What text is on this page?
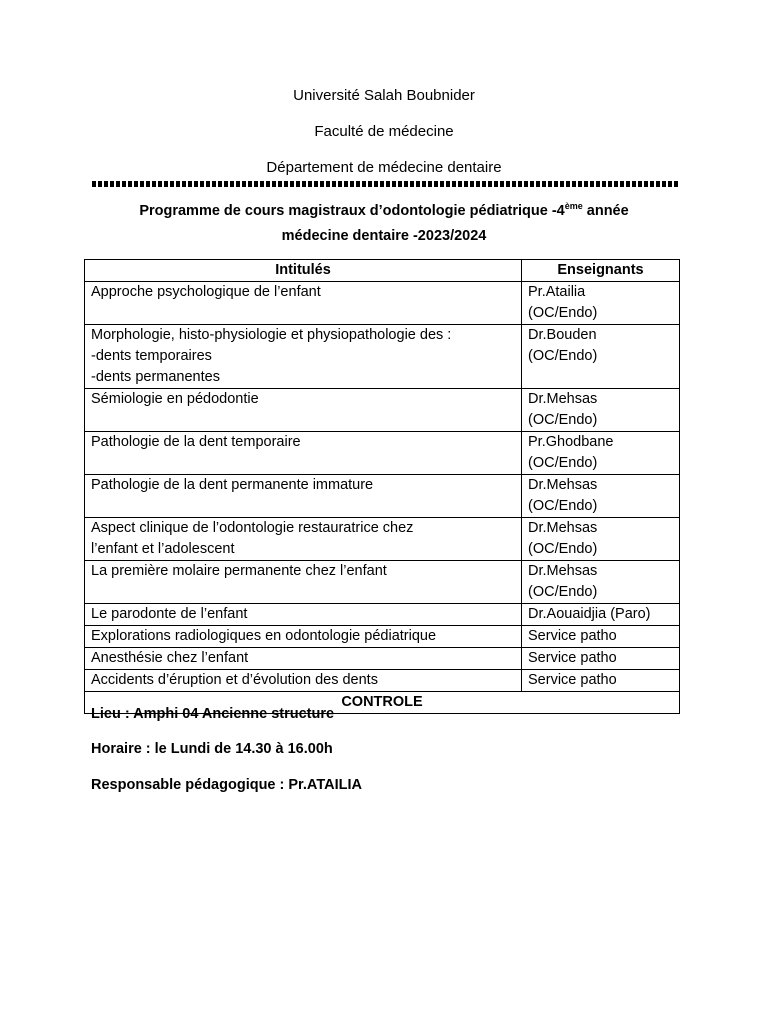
Université Salah Boubnider
Faculté de médecine
Département de médecine dentaire
Programme de cours magistraux d’odontologie pédiatrique -4ème année
médecine dentaire -2023/2024
Intitulés	Enseignants

Approche psychologique de l’enfant	Pr.Atailia
(OC/Endo)

Morphologie, histo-physiologie et physiopathologie des :
-dents temporaires
-dents permanentes	Dr.Bouden
(OC/Endo)

Sémiologie en pédodontie	Dr.Mehsas
(OC/Endo)

Pathologie de la dent temporaire	Pr.Ghodbane
(OC/Endo)

Pathologie de la dent permanente immature	Dr.Mehsas
(OC/Endo)

Aspect clinique de l’odontologie restauratrice chez
l’enfant et l’adolescent	Dr.Mehsas
(OC/Endo)

La première molaire permanente chez l’enfant	Dr.Mehsas
(OC/Endo)

Le parodonte de l’enfant	Dr.Aouaidjia (Paro)

Explorations radiologiques en odontologie pédiatrique	Service patho

Anesthésie chez l’enfant	Service patho

Accidents d’éruption et d’évolution des dents	Service patho

CONTROLE	
Lieu : Amphi 04 Ancienne structure
Horaire : le Lundi de 14.30 à 16.00h
Responsable pédagogique : Pr.ATAILIA
